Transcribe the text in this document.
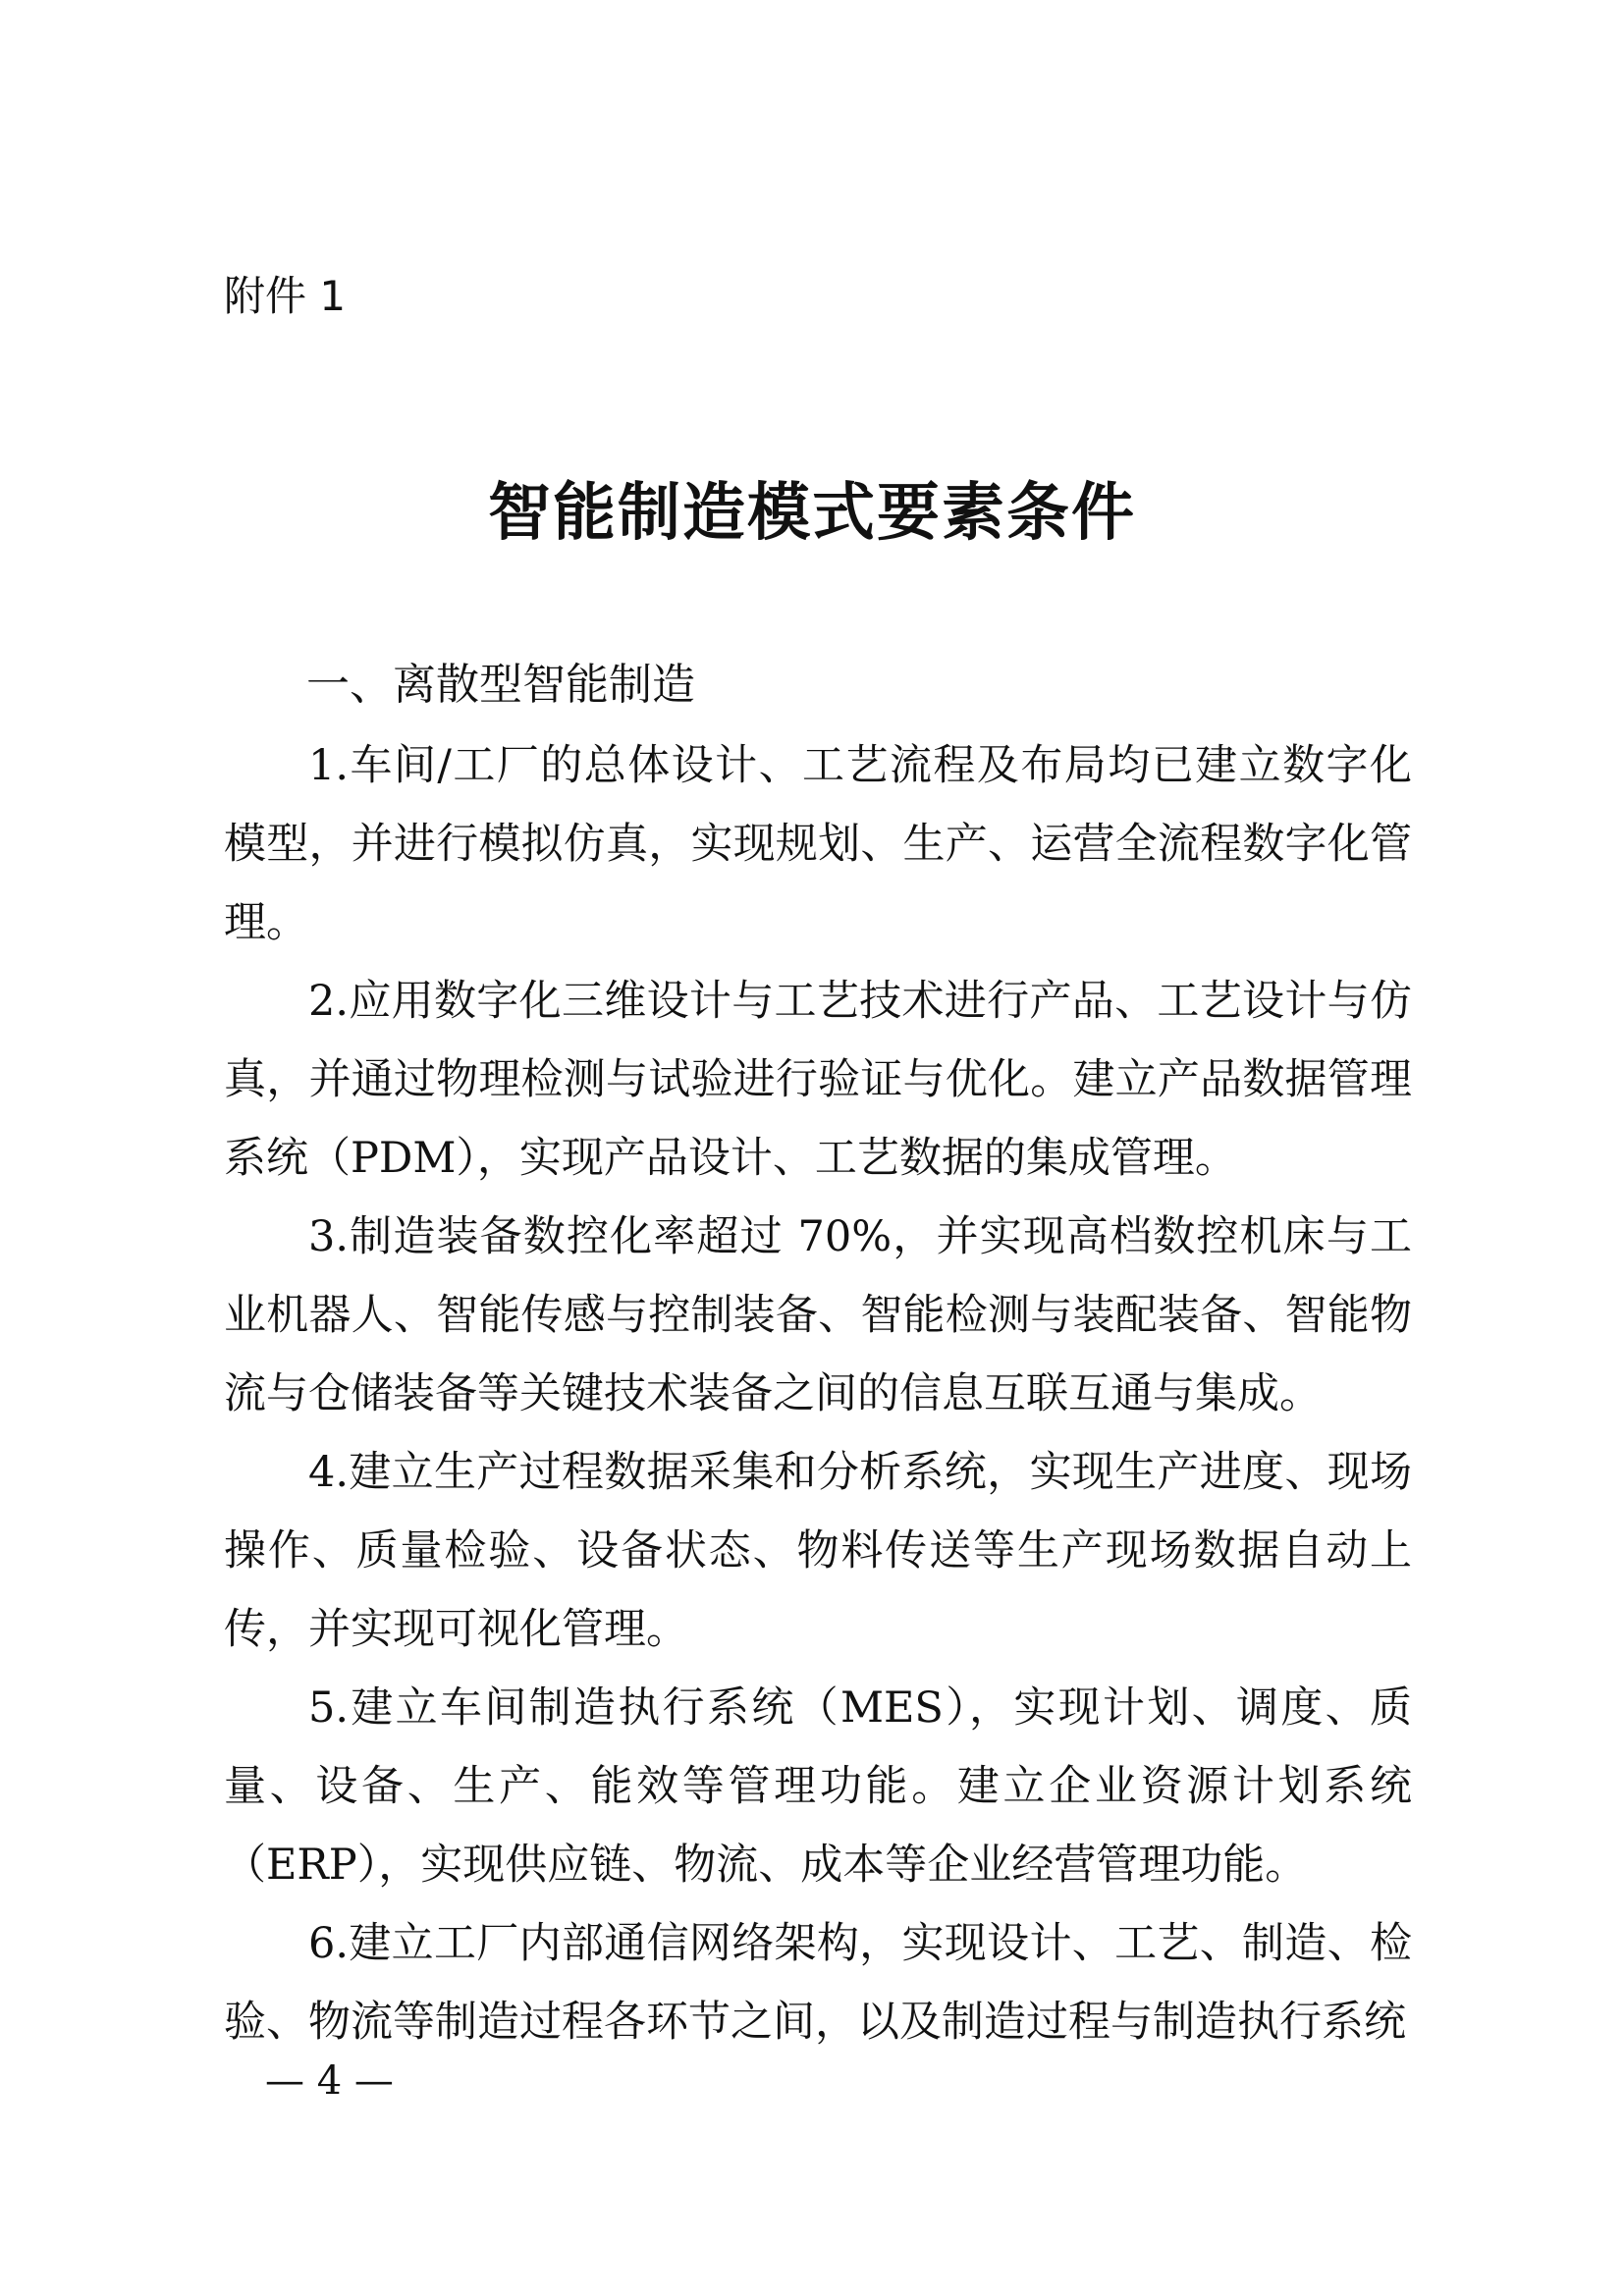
附件 1
智能制造模式要素条件
一、离散型智能制造

1.车间/工厂的总体设计、工艺流程及布局均已建立数字化模型，并进行模拟仿真，实现规划、生产、运营全流程数字化管理。

2.应用数字化三维设计与工艺技术进行产品、工艺设计与仿真，并通过物理检测与试验进行验证与优化。建立产品数据管理系统（PDM），实现产品设计、工艺数据的集成管理。

3.制造装备数控化率超过 70%，并实现高档数控机床与工业机器人、智能传感与控制装备、智能检测与装配装备、智能物流与仓储装备等关键技术装备之间的信息互联互通与集成。

4.建立生产过程数据采集和分析系统，实现生产进度、现场操作、质量检验、设备状态、物料传送等生产现场数据自动上传，并实现可视化管理。

5.建立车间制造执行系统（MES），实现计划、调度、质量、设备、生产、能效等管理功能。建立企业资源计划系统（ERP），实现供应链、物流、成本等企业经营管理功能。

6.建立工厂内部通信网络架构，实现设计、工艺、制造、检验、物流等制造过程各环节之间，以及制造过程与制造执行系统

— 4 —
